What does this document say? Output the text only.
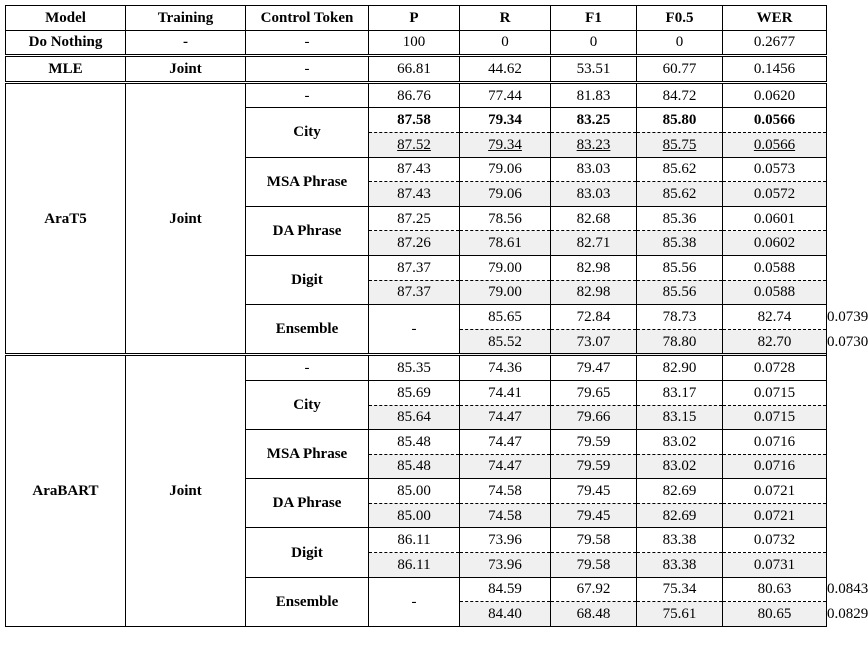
Model	Training	Control Token	P	R	F1	F0.5	WER	
Do Nothing	-	-	100	0	0	0	0.2677	
MLE	Joint	-	66.81	44.62	53.51	60.77	0.1456	
AraT5	Joint	-	86.76	77.44	81.83	84.72	0.0620	
		City	87.58	79.34	83.25	85.80	0.0566	
			87.52	79.34	83.23	85.75	0.0566	
		MSA Phrase	87.43	79.06	83.03	85.62	0.0573	
			87.43	79.06	83.03	85.62	0.0572	
		DA Phrase	87.25	78.56	82.68	85.36	0.0601	
			87.26	78.61	82.71	85.38	0.0602	
		Digit	87.37	79.00	82.98	85.56	0.0588	
			87.37	79.00	82.98	85.56	0.0588	
		Ensemble	-	85.65	72.84	78.73	82.74	0.0739
				85.52	73.07	78.80	82.70	0.0730
AraBART	Joint	-	85.35	74.36	79.47	82.90	0.0728	
		City	85.69	74.41	79.65	83.17	0.0715	
			85.64	74.47	79.66	83.15	0.0715	
		MSA Phrase	85.48	74.47	79.59	83.02	0.0716	
			85.48	74.47	79.59	83.02	0.0716	
		DA Phrase	85.00	74.58	79.45	82.69	0.0721	
			85.00	74.58	79.45	82.69	0.0721	
		Digit	86.11	73.96	79.58	83.38	0.0732	
			86.11	73.96	79.58	83.38	0.0731	
		Ensemble	-	84.59	67.92	75.34	80.63	0.0843
				84.40	68.48	75.61	80.65	0.0829
